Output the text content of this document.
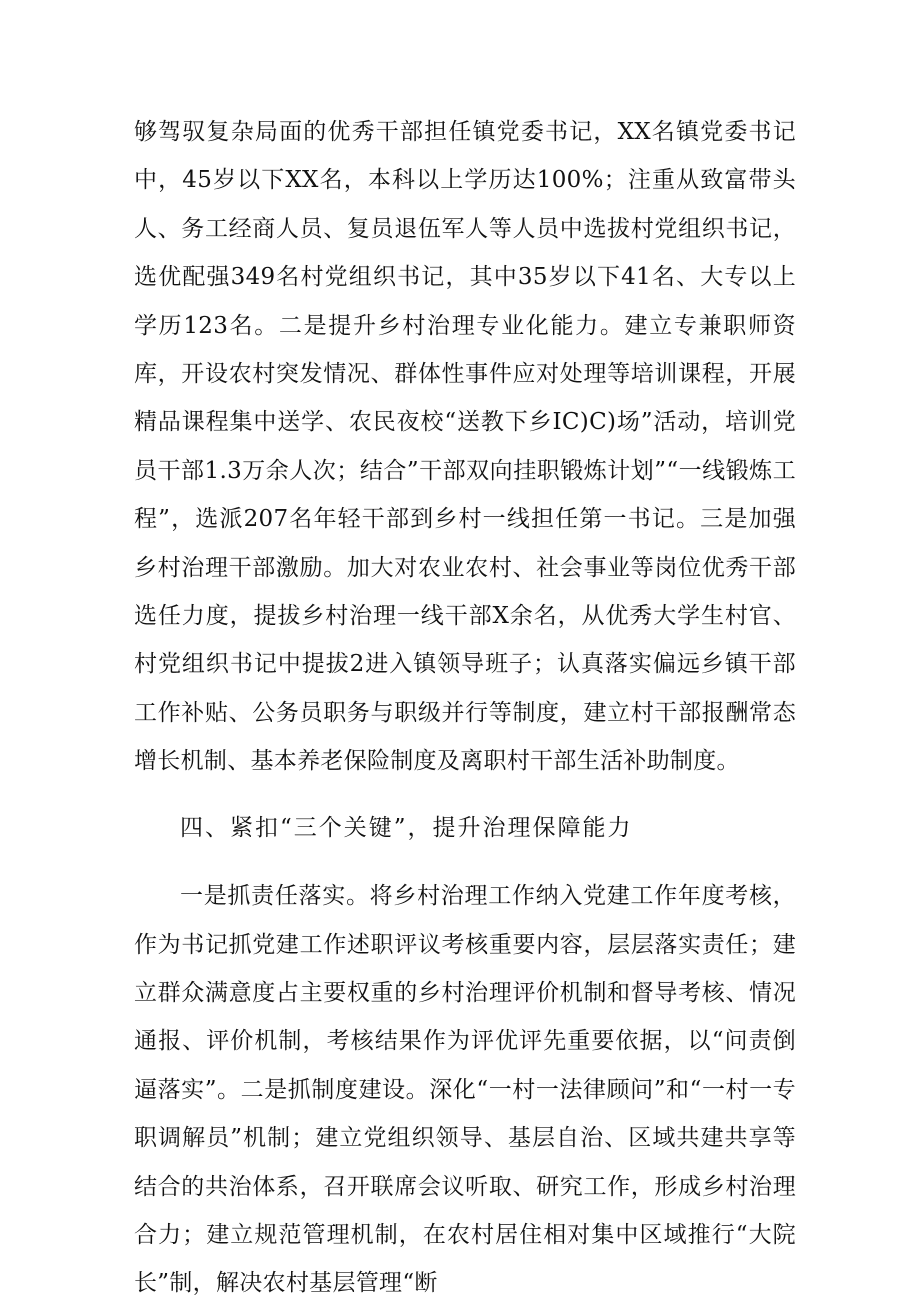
够驾驭复杂局面的优秀干部担任镇党委书记，XX名镇党委书记中，45岁以下XX名，本科以上学历达100%；注重从致富带头人、务工经商人员、复员退伍军人等人员中选拔村党组织书记，选优配强349名村党组织书记，其中35岁以下41名、大专以上学历123名。二是提升乡村治理专业化能力。建立专兼职师资库，开设农村突发情况、群体性事件应对处理等培训课程，开展精品课程集中送学、农民夜校“送教下乡IC)C)场”活动，培训党员干部1.3万余人次；结合”干部双向挂职锻炼计划”“一线锻炼工程”，选派207名年轻干部到乡村一线担任第一书记。三是加强乡村治理干部激励。加大对农业农村、社会事业等岗位优秀干部选任力度，提拔乡村治理一线干部X余名，从优秀大学生村官、村党组织书记中提拔2进入镇领导班子；认真落实偏远乡镇干部工作补贴、公务员职务与职级并行等制度，建立村干部报酬常态增长机制、基本养老保险制度及离职村干部生活补助制度。

四、紧扣“三个关键”，提升治理保障能力

一是抓责任落实。将乡村治理工作纳入党建工作年度考核，作为书记抓党建工作述职评议考核重要内容，层层落实责任；建立群众满意度占主要权重的乡村治理评价机制和督导考核、情况通报、评价机制，考核结果作为评优评先重要依据，以“问责倒逼落实”。二是抓制度建设。深化“一村一法律顾问”和“一村一专职调解员”机制；建立党组织领导、基层自治、区域共建共享等结合的共治体系，召开联席会议听取、研究工作，形成乡村治理合力；建立规范管理机制，在农村居住相对集中区域推行“大院长”制，解决农村基层管理“断
